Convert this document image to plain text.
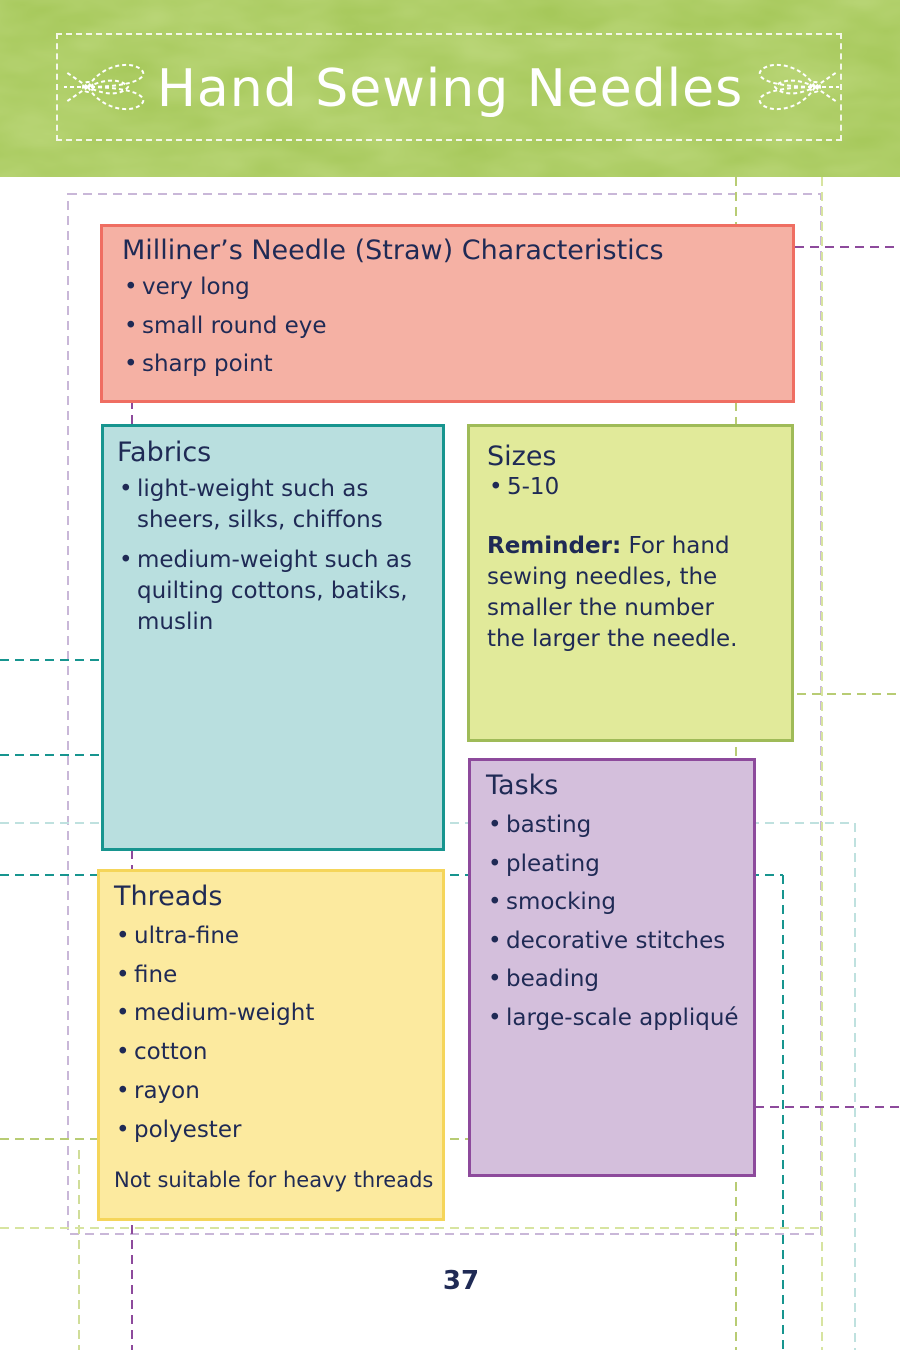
Hand Sewing Needles
Milliner’s Needle (Straw) Characteristics
• very long
• small round eye
• sharp point
Fabrics
• light-weight such as sheers, silks, chiffons
• medium-weight such as quilting cottons, batiks, muslin
Sizes
• 5-10

Reminder: For hand sewing needles, the smaller the number the larger the needle.

Tasks
• basting
• pleating
• smocking
• decorative stitches
• beading
• large-scale appliqué
Threads
• ultra-fine
• fine
• medium-weight
• cotton
• rayon
• polyester

Not suitable for heavy threads

37
